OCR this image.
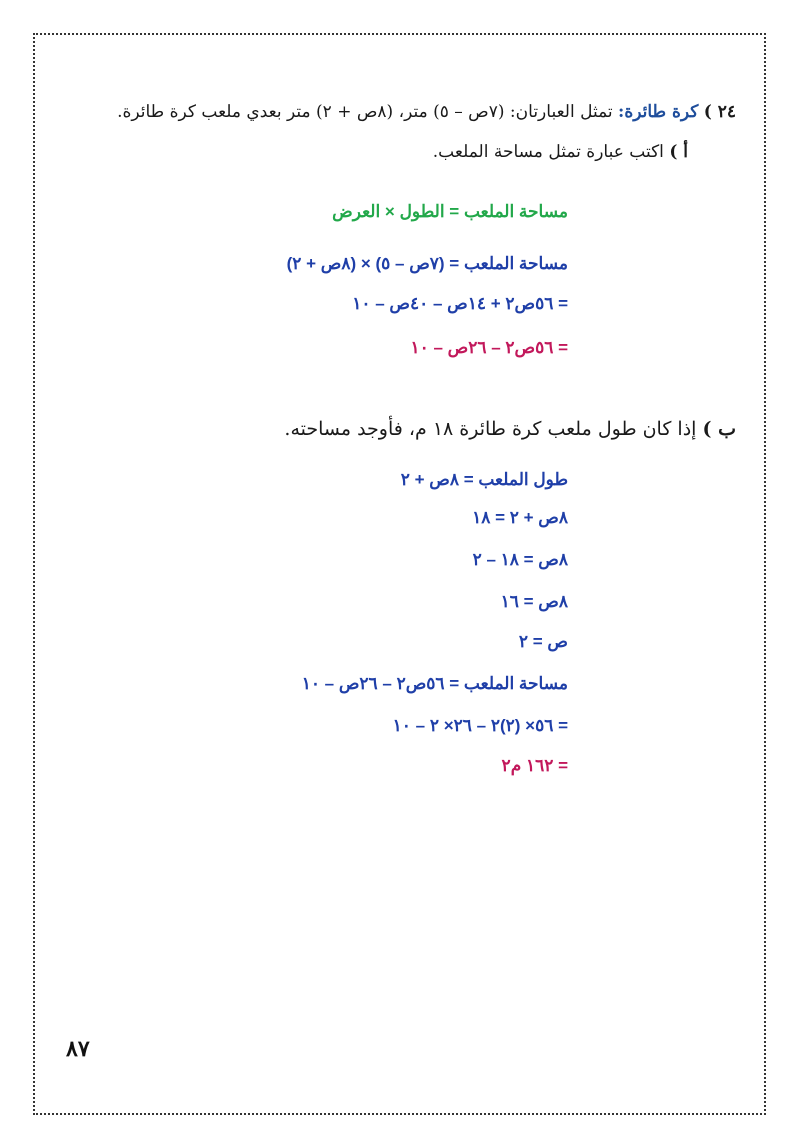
٢٤ ) كرة طائرة: تمثل العبارتان: (٧ص – ٥) متر، (٨ص + ٢) متر بعدي ملعب كرة طائرة.
أ ) اكتب عبارة تمثل مساحة الملعب.
مساحة الملعب = الطول × العرض
مساحة الملعب = (٧ص – ٥) × (٨ص + ٢)
= ٥٦ص٢ + ١٤ص – ٤٠ص – ١٠
= ٥٦ص٢ – ٢٦ص – ١٠
ب ) إذا كان طول ملعب كرة طائرة ١٨ م، فأوجد مساحته.
طول الملعب = ٨ص + ٢
٨ص + ٢ = ١٨
٨ص = ١٨ – ٢
٨ص = ١٦
ص = ٢
مساحة الملعب = ٥٦ص٢ – ٢٦ص – ١٠
= ٥٦× (٢)٢ – ٢٦× ٢ – ١٠
= ١٦٢ م٢
٨٧
